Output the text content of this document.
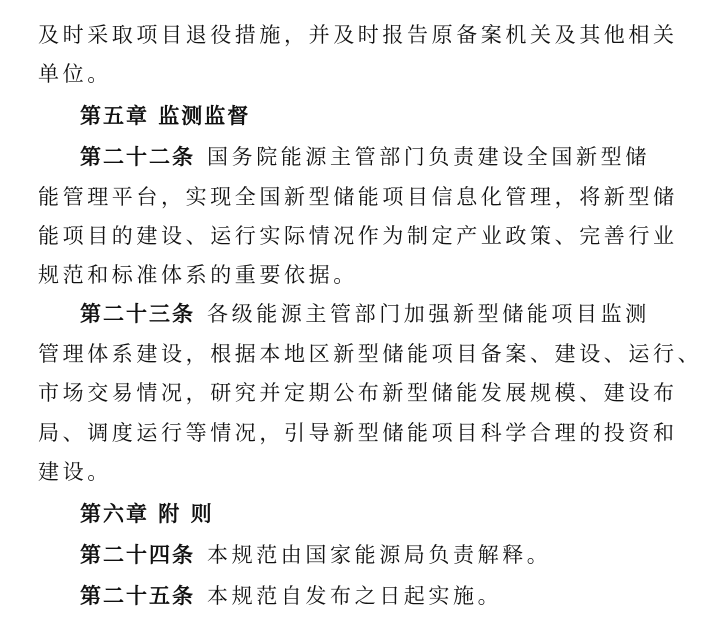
及时采取项目退役措施，并及时报告原备案机关及其他相关
单位。
第五章 监测监督
第二十二条 国务院能源主管部门负责建设全国新型储
能管理平台，实现全国新型储能项目信息化管理，将新型储
能项目的建设、运行实际情况作为制定产业政策、完善行业
规范和标准体系的重要依据。
第二十三条 各级能源主管部门加强新型储能项目监测
管理体系建设，根据本地区新型储能项目备案、建设、运行、
市场交易情况，研究并定期公布新型储能发展规模、建设布
局、调度运行等情况，引导新型储能项目科学合理的投资和
建设。
第六章 附 则
第二十四条 本规范由国家能源局负责解释。
第二十五条 本规范自发布之日起实施。
